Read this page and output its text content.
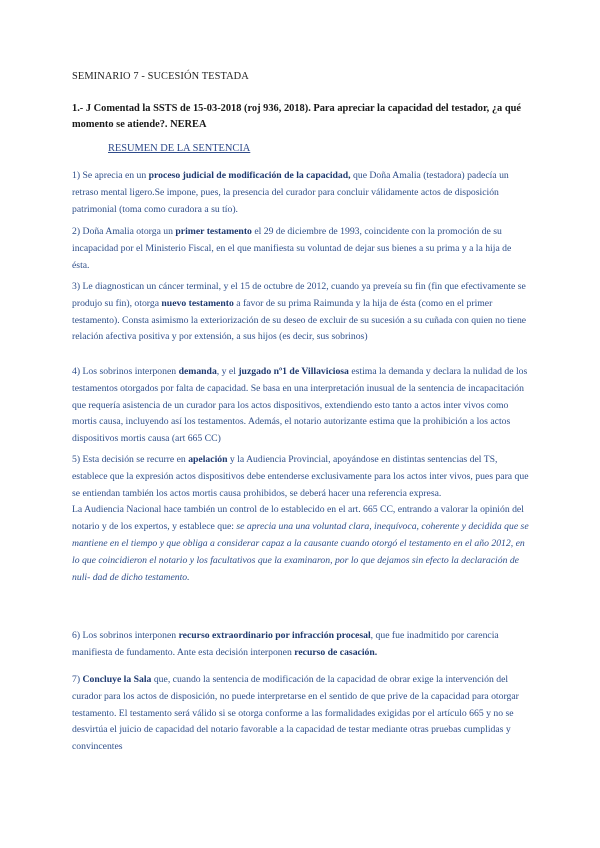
SEMINARIO 7 - SUCESIÓN TESTADA
1.- J Comentad la SSTS de 15-03-2018 (roj 936, 2018). Para apreciar la capacidad del testador, ¿a qué momento se atiende?. NEREA
RESUMEN DE LA SENTENCIA

1) Se aprecia en un proceso judicial de modificación de la capacidad, que Doña Amalia (testadora) padecía un retraso mental ligero.Se impone, pues, la presencia del curador para concluir válidamente actos de disposición patrimonial (toma como curadora a su tío).

2) Doña Amalia otorga un primer testamento el 29 de diciembre de 1993, coincidente con la promoción de su incapacidad por el Ministerio Fiscal, en el que manifiesta su voluntad de dejar sus bienes a su prima y a la hija de ésta.

3) Le diagnostican un cáncer terminal, y el 15 de octubre de 2012, cuando ya preveía su fin (fin que efectivamente se produjo su fin), otorga nuevo testamento a favor de su prima Raimunda y la hija de ésta (como en el primer testamento). Consta asimismo la exteriorización de su deseo de excluir de su sucesión a su cuñada con quien no tiene relación afectiva positiva y por extensión, a sus hijos (es decir, sus sobrinos)

4) Los sobrinos interponen demanda, y el juzgado nº1 de Villaviciosa estima la demanda y declara la nulidad de los testamentos otorgados por falta de capacidad. Se basa en una interpretación inusual de la sentencia de incapacitación que requería asistencia de un curador para los actos dispositivos, extendiendo esto tanto a actos inter vivos como mortis causa, incluyendo así los testamentos. Además, el notario autorizante estima que la prohibición a los actos dispositivos mortis causa (art 665 CC)

5) Esta decisión se recurre en apelación y la Audiencia Provincial, apoyándose en distintas sentencias del TS, establece que la expresión actos dispositivos debe entenderse exclusivamente para los actos inter vivos, pues para que se entiendan también los actos mortis causa prohibidos, se deberá hacer una referencia expresa.
La Audiencia Nacional hace también un control de lo establecido en el art. 665 CC, entrando a valorar la opinión del notario y de los expertos, y establece que: se aprecia una una voluntad clara, inequívoca, coherente y decidida que se mantiene en el tiempo y que obliga a considerar capaz a la causante cuando otorgó el testamento en el año 2012, en lo que coincidieron el notario y los facultativos que la examinaron, por lo que dejamos sin efecto la declaración de nuli- dad de dicho testamento.

6) Los sobrinos interponen recurso extraordinario por infracción procesal, que fue inadmitido por carencia manifiesta de fundamento. Ante esta decisión interponen recurso de casación.

7) Concluye la Sala que, cuando la sentencia de modificación de la capacidad de obrar exige la intervención del curador para los actos de disposición, no puede interpretarse en el sentido de que prive de la capacidad para otorgar testamento. El testamento será válido si se otorga conforme a las formalidades exigidas por el artículo 665 y no se desvirtúa el juicio de capacidad del notario favorable a la capacidad de testar mediante otras pruebas cumplidas y convincentes
